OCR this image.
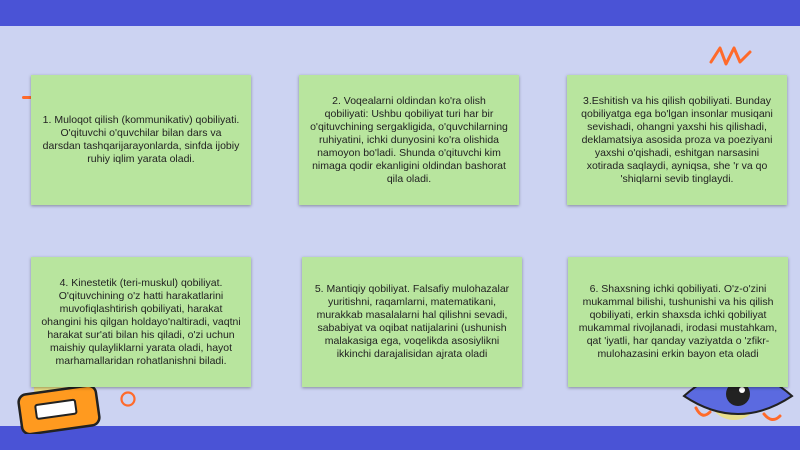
1. Muloqot qilish (kommunikativ) qobiliyati. O'qituvchi o'quvchilar bilan dars va darsdan tashqarijarayonlarda, sinfda ijobiy ruhiy iqlim yarata oladi.
2. Voqealarni oldindan ko'ra olish qobiliyati: Ushbu qobiliyat turi har bir o'qituvchining sergakligida, o'quvchilarning ruhiyatini, ichki dunyosini ko'ra olishida namoyon bo'ladi. Shunda o'qituvchi kim nimaga qodir ekanligini oldindan bashorat qila oladi.
3.Eshitish va his qilish qobiliyati. Bunday qobiliyatga ega bo'lgan insonlar musiqani sevishadi, ohangni yaxshi his qilishadi, deklamatsiya asosida proza va poeziyani yaxshi o'qishadi, eshitgan narsasini xotirada saqlaydi, ayniqsa, she 'r va qo 'shiqlarni sevib tinglaydi.
4. Kinestetik (teri-muskul) qobiliyat. O'qituvchining o'z hatti harakatlarini muvofiqlashtirish qobiliyati, harakat ohangini his qilgan holdayo'naltiradi, vaqtni harakat sur'ati bilan his qiladi, o'zi uchun maishiy qulayliklarni yarata oladi, hayot marhamallaridan rohatlanishni biladi.
5. Mantiqiy qobiliyat. Falsafiy mulohazalar yuritishni, raqamlarni, matematikani, murakkab masalalarni hal qilishni sevadi, sababiyat va oqibat natijalarini (ushunish malakasiga ega, voqelikda asosiylikni ikkinchi darajalisidan ajrata oladi
6. Shaxsning ichki qobiliyati. O'z-o'zini mukammal bilishi, tushunishi va his qilish qobiliyati, erkin shaxsda ichki qobiliyat mukammal rivojlanadi, irodasi mustahkam, qat 'iyatli, har qanday vaziyatda o 'zfikr-mulohazasini erkin bayon eta oladi
